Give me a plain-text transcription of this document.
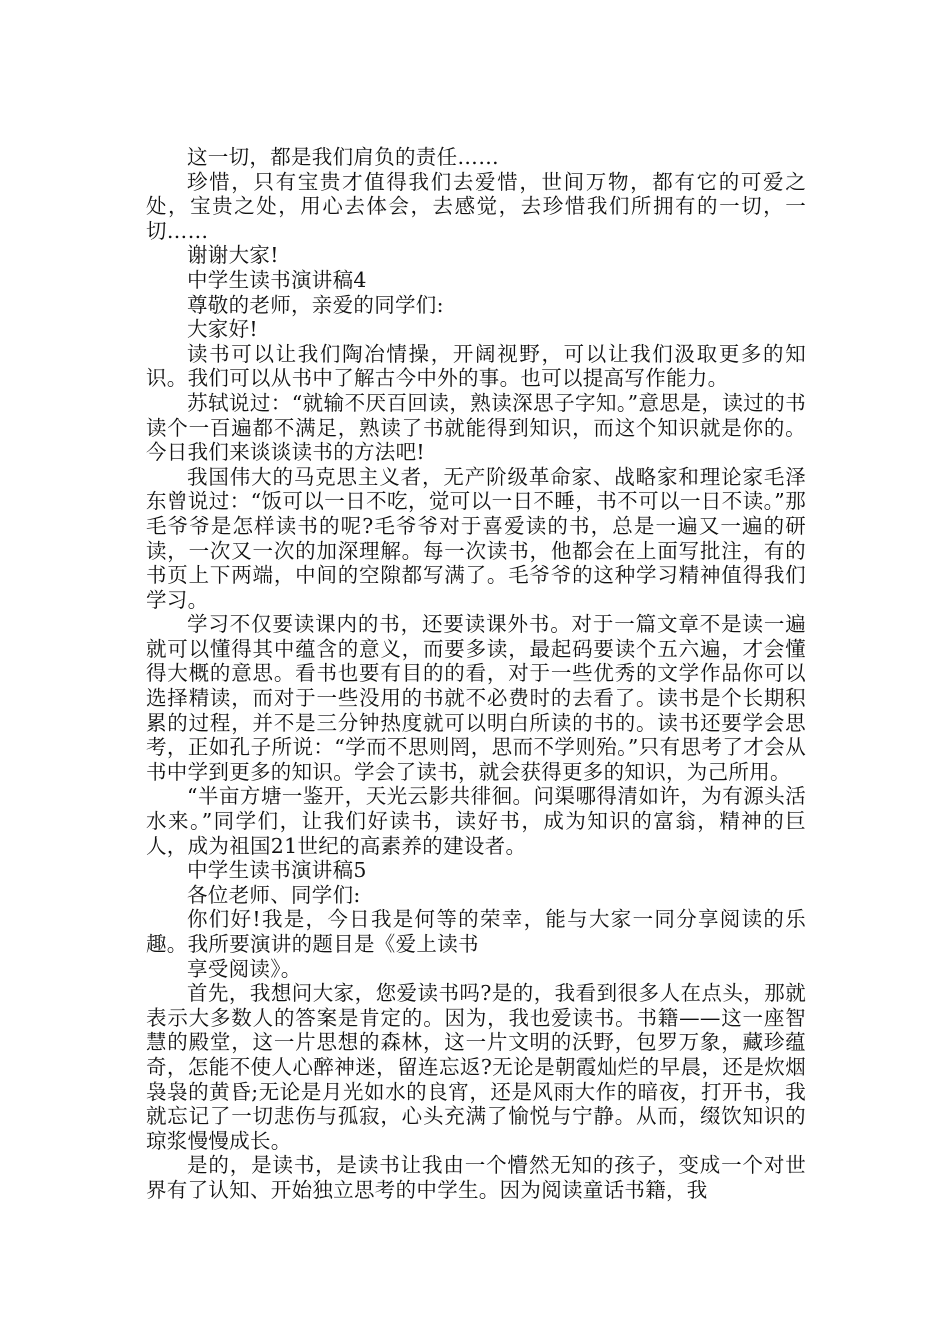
这一切，都是我们肩负的责任……

珍惜，只有宝贵才值得我们去爱惜，世间万物，都有它的可爱之处，宝贵之处，用心去体会，去感觉，去珍惜我们所拥有的一切，一切……

谢谢大家!

中学生读书演讲稿4

尊敬的老师，亲爱的同学们:

大家好!

读书可以让我们陶冶情操，开阔视野，可以让我们汲取更多的知识。我们可以从书中了解古今中外的事。也可以提高写作能力。

苏轼说过：“就输不厌百回读，熟读深思子字知。”意思是，读过的书读个一百遍都不满足，熟读了书就能得到知识，而这个知识就是你的。今日我们来谈谈读书的方法吧!

我国伟大的马克思主义者，无产阶级革命家、战略家和理论家毛泽东曾说过：“饭可以一日不吃，觉可以一日不睡，书不可以一日不读。”那毛爷爷是怎样读书的呢?毛爷爷对于喜爱读的书，总是一遍又一遍的研读，一次又一次的加深理解。每一次读书，他都会在上面写批注，有的书页上下两端，中间的空隙都写满了。毛爷爷的这种学习精神值得我们学习。

学习不仅要读课内的书，还要读课外书。对于一篇文章不是读一遍就可以懂得其中蕴含的意义，而要多读，最起码要读个五六遍，才会懂得大概的意思。看书也要有目的的看，对于一些优秀的文学作品你可以选择精读，而对于一些没用的书就不必费时的去看了。读书是个长期积累的过程，并不是三分钟热度就可以明白所读的书的。读书还要学会思考，正如孔子所说：“学而不思则罔，思而不学则殆。”只有思考了才会从书中学到更多的知识。学会了读书，就会获得更多的知识，为己所用。

“半亩方塘一鉴开，天光云影共徘徊。问渠哪得清如许，为有源头活水来。”同学们，让我们好读书，读好书，成为知识的富翁，精神的巨人，成为祖国21世纪的高素养的建设者。

中学生读书演讲稿5

各位老师、同学们:

你们好!我是，今日我是何等的荣幸，能与大家一同分享阅读的乐趣。我所要演讲的题目是《爱上读书

享受阅读》。

首先，我想问大家，您爱读书吗?是的，我看到很多人在点头，那就表示大多数人的答案是肯定的。因为，我也爱读书。书籍——这一座智慧的殿堂，这一片思想的森林，这一片文明的沃野，包罗万象，藏珍蕴奇，怎能不使人心醉神迷，留连忘返?无论是朝霞灿烂的早晨，还是炊烟袅袅的黄昏;无论是月光如水的良宵，还是风雨大作的暗夜，打开书，我就忘记了一切悲伤与孤寂，心头充满了愉悦与宁静。从而，缀饮知识的琼浆慢慢成长。

是的，是读书，是读书让我由一个懵然无知的孩子，变成一个对世界有了认知、开始独立思考的中学生。因为阅读童话书籍，我
